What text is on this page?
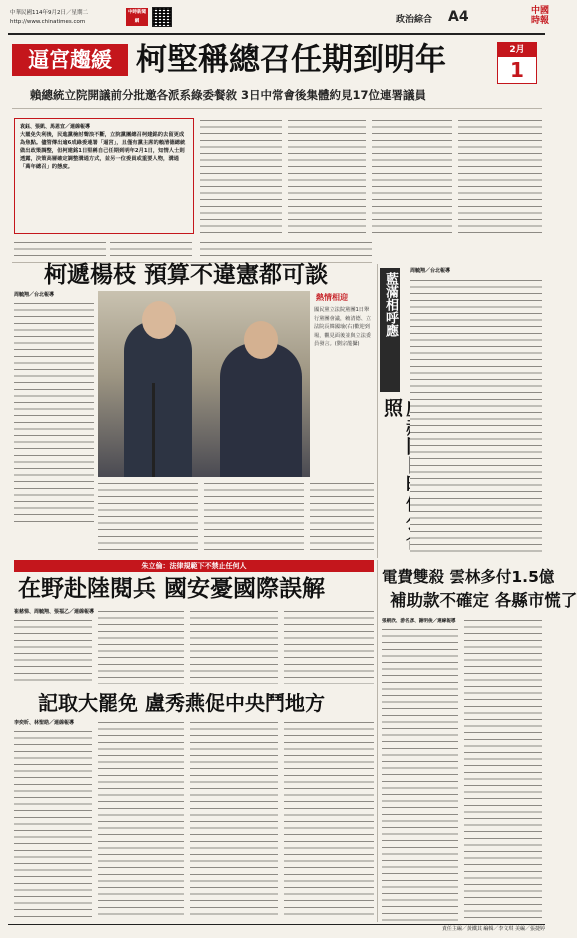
中華民國114年9月2日／星期二
http://www.chinatimes.com
中時新聞網	政治綜合 A4	中國時報
逼宮趨緩 柯堅稱總召任期到明年	2月
1
賴總統立院開議前分批邀各派系綠委餐敘 3日中常會後集體約見17位連署議員
袁鈺、張凱、馬恩宜／連線報導
大罷免失利後，民進黨檢討聲浪不斷，立院黨團總召柯建銘的去留更成為焦點。儘管傳出逾6成綠委連署「逼宮」，且僅有黨主席的賴清德總統做出政策調整，但柯建銘1日堅稱自己任期到明年2月1日，知情人士則透露，決策高層確定調整溝通方式，並另一位委員或重要人物，溝通「萬年總召」的態度。
柯遞楊枝 預算不違憲都可談
周毓翔／台北報導	熱情相迎
國民黨立法院黨團1日舉行黨團會議，賴清德、立法院長韓國瑜(右)歡迎到場，觀見面後並與立法委員發言。(劉宗龍攝)
藍滿相呼應
照
周毓翔／台北報導
朱立倫：法律規範下不禁止任何人
在野赴陸閱兵 國安憂國際誤解
崔慈悌、周毓翔、張福乙／連線報導
記取大罷免 盧秀燕促中央鬥地方
李奕昕、林聖皓／連線報導
電費雙殺 雲林多付1.5億
補助款不確定 各縣市慌了
張朝欣、游名彥、謝明俊／連線報導
責任主編／黃鐵其 編輯／李文琪 美編／張捷婷
